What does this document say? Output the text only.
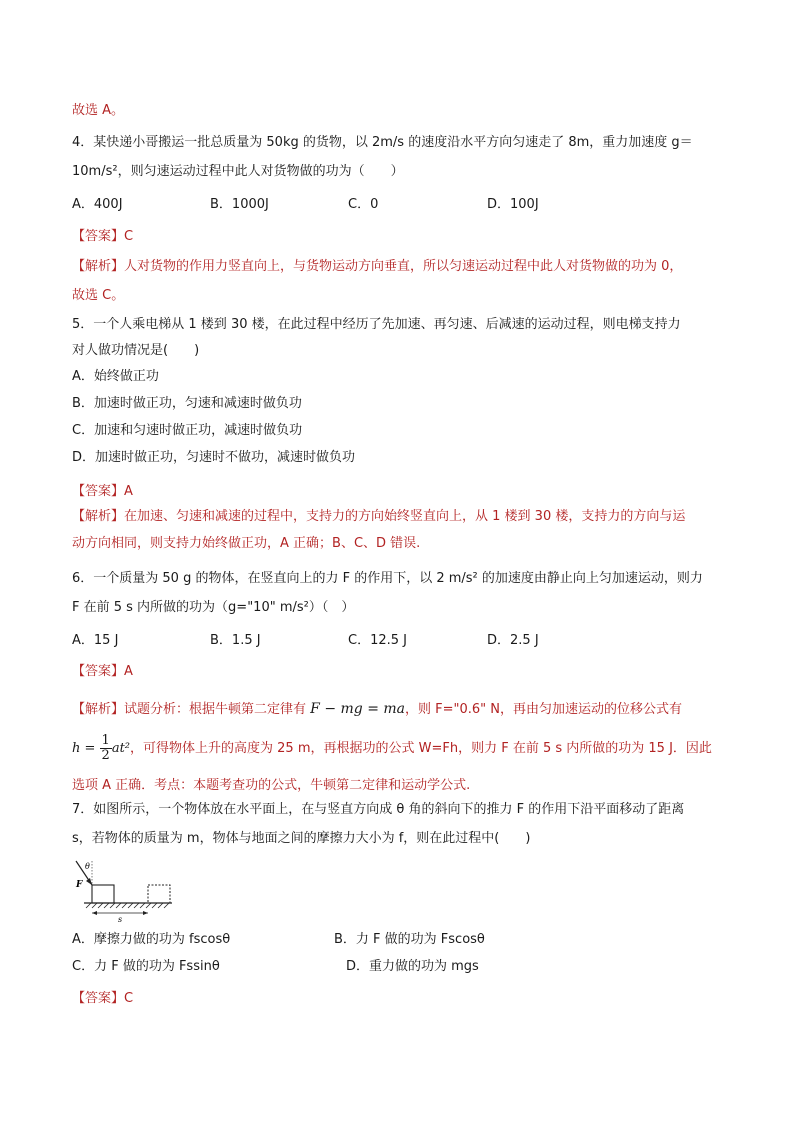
故选 A。
4．某快递小哥搬运一批总质量为 50kg 的货物，以 2m/s 的速度沿水平方向匀速走了 8m，重力加速度 g＝
10m/s²，则匀速运动过程中此人对货物做的功为（　　）
A．400J	B．1000J	C．0	D．100J
【答案】C
【解析】人对货物的作用力竖直向上，与货物运动方向垂直，所以匀速运动过程中此人对货物做的功为 0，
故选 C。
5．一个人乘电梯从 1 楼到 30 楼，在此过程中经历了先加速、再匀速、后减速的运动过程，则电梯支持力
对人做功情况是(　　)
A．始终做正功
B．加速时做正功，匀速和减速时做负功
C．加速和匀速时做正功，减速时做负功
D．加速时做正功，匀速时不做功，减速时做负功
【答案】A
【解析】在加速、匀速和减速的过程中，支持力的方向始终竖直向上，从 1 楼到 30 楼，支持力的方向与运
动方向相同，则支持力始终做正功，A 正确；B、C、D 错误.
6．一个质量为 50 g 的物体，在竖直向上的力 F 的作用下，以 2 m/s² 的加速度由静止向上匀加速运动，则力
F 在前 5 s 内所做的功为（g="10" m/s²）（　）
A．15 J	B．1.5 J	C．12.5 J	D．2.5 J
【答案】A
【解析】试题分析：根据牛顿第二定律有 F − mg = ma，则 F="0.6" N，再由匀加速运动的位移公式有
$h = \frac{1}{2} at^2$，可得物体上升的高度为 25 m，再根据功的公式 W=Fh，则力 F 在前 5 s 内所做的功为 15 J．因此
选项 A 正确．考点：本题考查功的公式，牛顿第二定律和运动学公式.
7．如图所示，一个物体放在水平面上，在与竖直方向成 θ 角的斜向下的推力 F 的作用下沿平面移动了距离
s，若物体的质量为 m，物体与地面之间的摩擦力大小为 f，则在此过程中(　　)
θ
F
s
A．摩擦力做的功为 fscosθ	B．力 F 做的功为 Fscosθ
C．力 F 做的功为 Fssinθ	D．重力做的功为 mgs
【答案】C
